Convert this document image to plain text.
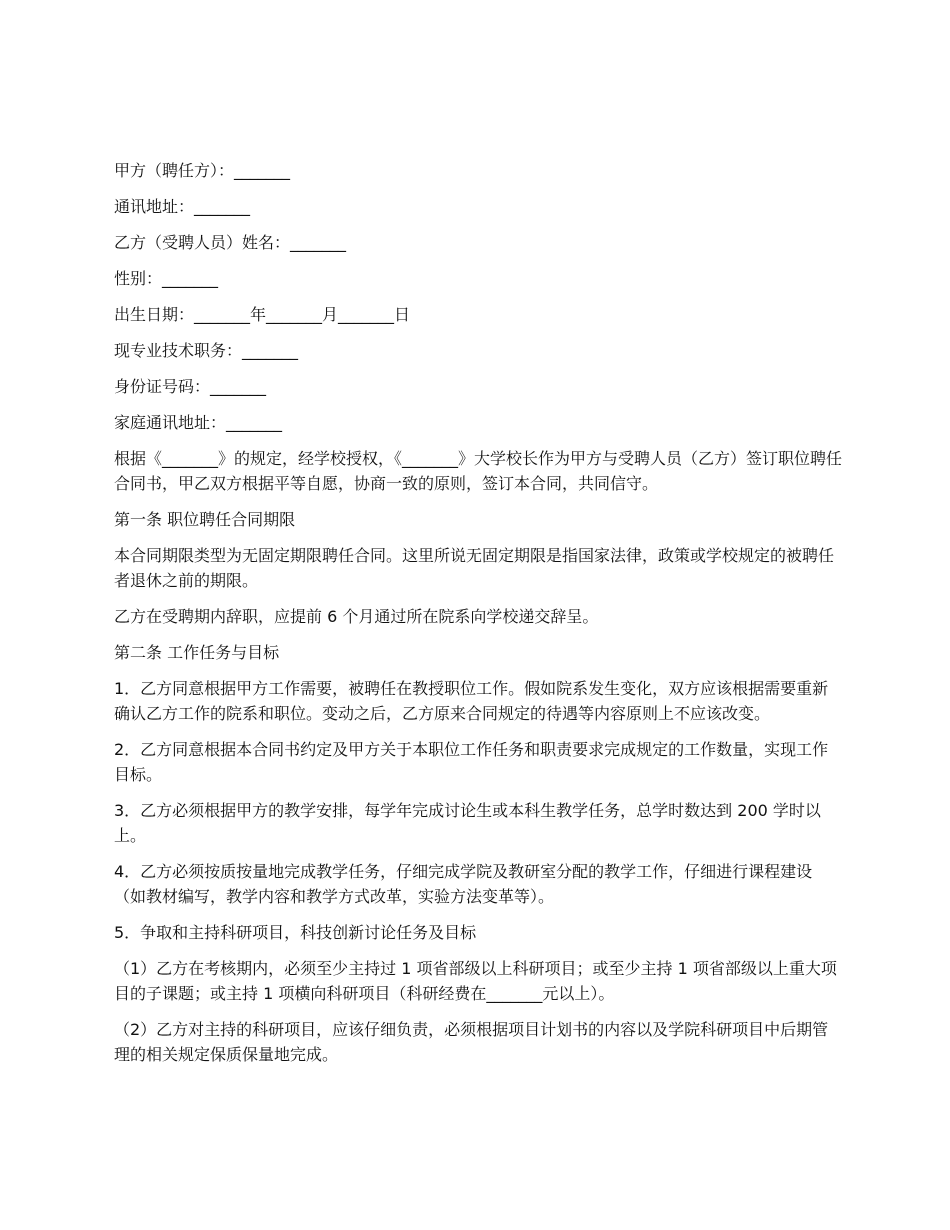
甲方（聘任方）：_______

通讯地址：_______

乙方（受聘人员）姓名：_______

性别：_______

出生日期：_______年_______月_______日

现专业技术职务：_______

身份证号码：_______

家庭通讯地址：_______

根据《_______》的规定，经学校授权，《_______》大学校长作为甲方与受聘人员（乙方）签订职位聘任合同书，甲乙双方根据平等自愿，协商一致的原则，签订本合同，共同信守。

第一条 职位聘任合同期限

本合同期限类型为无固定期限聘任合同。这里所说无固定期限是指国家法律，政策或学校规定的被聘任者退休之前的期限。

乙方在受聘期内辞职，应提前 6 个月通过所在院系向学校递交辞呈。

第二条 工作任务与目标

1．乙方同意根据甲方工作需要，被聘任在教授职位工作。假如院系发生变化，双方应该根据需要重新确认乙方工作的院系和职位。变动之后，乙方原来合同规定的待遇等内容原则上不应该改变。

2．乙方同意根据本合同书约定及甲方关于本职位工作任务和职责要求完成规定的工作数量，实现工作目标。

3．乙方必须根据甲方的教学安排，每学年完成讨论生或本科生教学任务，总学时数达到 200 学时以上。

4．乙方必须按质按量地完成教学任务，仔细完成学院及教研室分配的教学工作，仔细进行课程建设（如教材编写，教学内容和教学方式改革，实验方法变革等）。

5．争取和主持科研项目，科技创新讨论任务及目标

（1）乙方在考核期内，必须至少主持过 1 项省部级以上科研项目；或至少主持 1 项省部级以上重大项目的子课题；或主持 1 项横向科研项目（科研经费在_______元以上）。

（2）乙方对主持的科研项目，应该仔细负责，必须根据项目计划书的内容以及学院科研项目中后期管理的相关规定保质保量地完成。
